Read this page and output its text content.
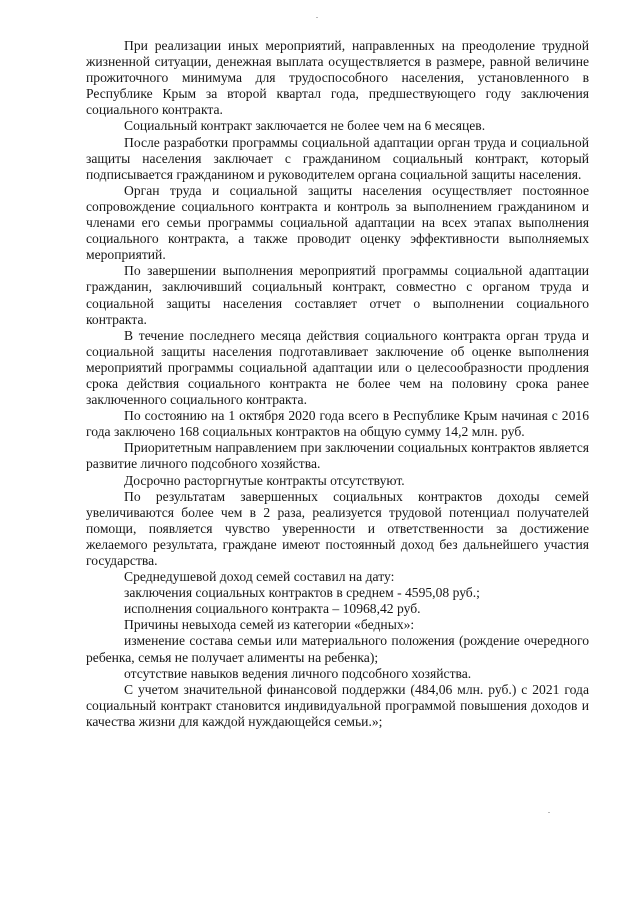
При реализации иных мероприятий, направленных на преодоление трудной жизненной ситуации, денежная выплата осуществляется в размере, равной величине прожиточного минимума для трудоспособного населения, установленного в Республике Крым за второй квартал года, предшествующего году заключения социального контракта.

Социальный контракт заключается не более чем на 6 месяцев.

После разработки программы социальной адаптации орган труда и социальной защиты населения заключает с гражданином социальный контракт, который подписывается гражданином и руководителем органа социальной защиты населения.

Орган труда и социальной защиты населения осуществляет постоянное сопровождение социального контракта и контроль за выполнением гражданином и членами его семьи программы социальной адаптации на всех этапах выполнения социального контракта, а также проводит оценку эффективности выполняемых мероприятий.

По завершении выполнения мероприятий программы социальной адаптации гражданин, заключивший социальный контракт, совместно с органом труда и социальной защиты населения составляет отчет о выполнении социального контракта.

В течение последнего месяца действия социального контракта орган труда и социальной защиты населения подготавливает заключение об оценке выполнения мероприятий программы социальной адаптации или о целесообразности продления срока действия социального контракта не более чем на половину срока ранее заключенного социального контракта.

По состоянию на 1 октября 2020 года всего в Республике Крым начиная с 2016 года заключено 168 социальных контрактов на общую сумму 14,2 млн. руб.

Приоритетным направлением при заключении социальных контрактов является развитие личного подсобного хозяйства.

Досрочно расторгнутые контракты отсутствуют.

По результатам завершенных социальных контрактов доходы семей увеличиваются более чем в 2 раза, реализуется трудовой потенциал получателей помощи, появляется чувство уверенности и ответственности за достижение желаемого результата, граждане имеют постоянный доход без дальнейшего участия государства.

Среднедушевой доход семей составил на дату:

заключения социальных контрактов в среднем - 4595,08 руб.;

исполнения социального контракта – 10968,42 руб.

Причины невыхода семей из категории «бедных»:

изменение состава семьи или материального положения (рождение очередного ребенка, семья не получает алименты на ребенка);

отсутствие навыков ведения личного подсобного хозяйства.

С учетом значительной финансовой поддержки (484,06 млн. руб.) с 2021 года социальный контракт становится индивидуальной программой повышения доходов и качества жизни для каждой нуждающейся семьи.»;
